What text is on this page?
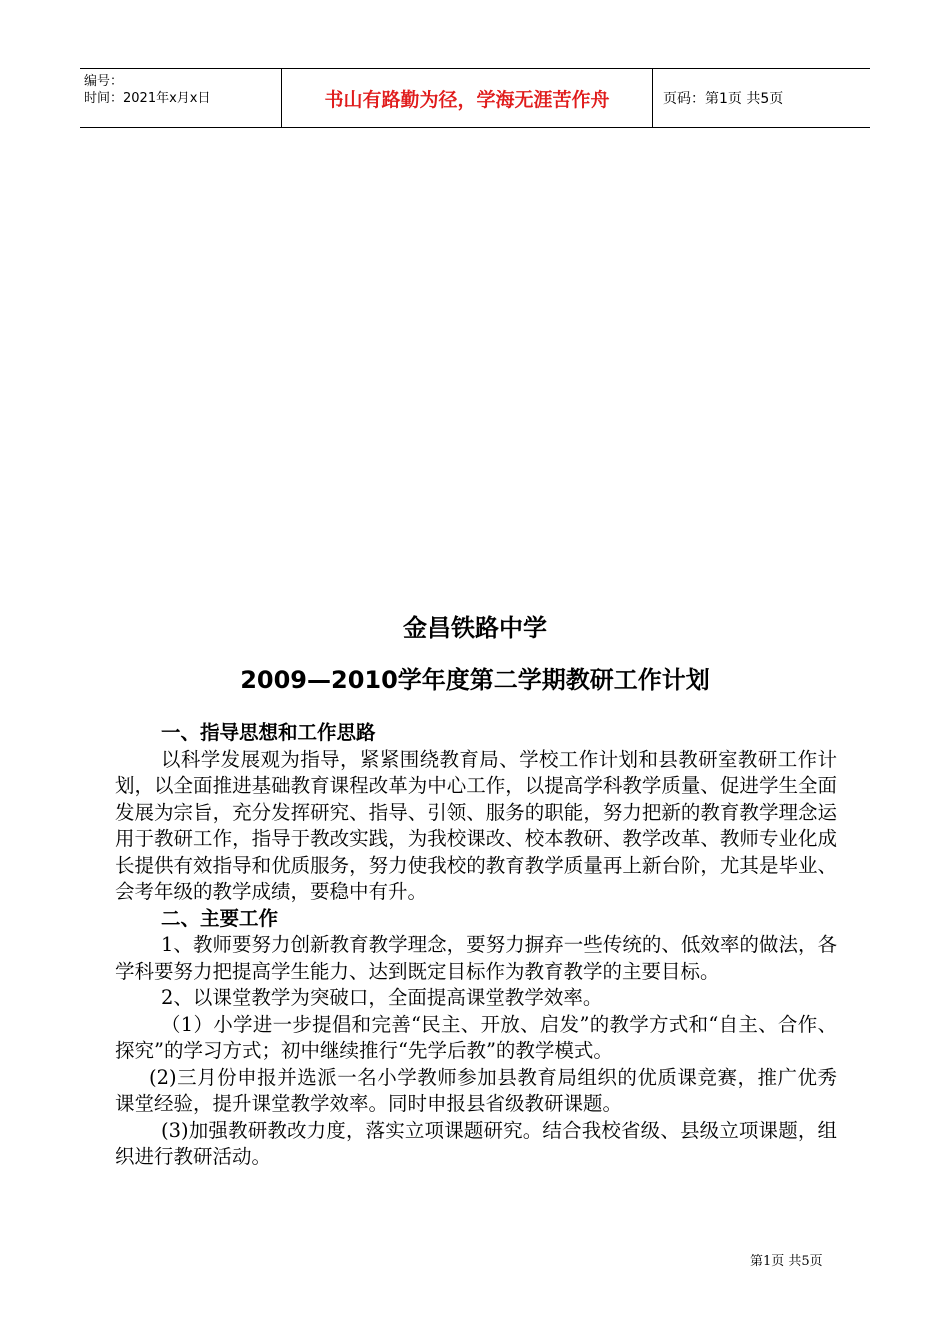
编号：
时间：2021年x月x日	书山有路勤为径，学海无涯苦作舟	页码：第1页 共5页
金昌铁路中学
2009—2010学年度第二学期教研工作计划

一、指导思想和工作思路

以科学发展观为指导，紧紧围绕教育局、学校工作计划和县教研室教研工作计划，以全面推进基础教育课程改革为中心工作，以提高学科教学质量、促进学生全面发展为宗旨，充分发挥研究、指导、引领、服务的职能，努力把新的教育教学理念运用于教研工作，指导于教改实践，为我校课改、校本教研、教学改革、教师专业化成长提供有效指导和优质服务，努力使我校的教育教学质量再上新台阶，尤其是毕业、会考年级的教学成绩，要稳中有升。

二、主要工作

1、教师要努力创新教育教学理念，要努力摒弃一些传统的、低效率的做法，各学科要努力把提高学生能力、达到既定目标作为教育教学的主要目标。

2、以课堂教学为突破口，全面提高课堂教学效率。

（1）小学进一步提倡和完善“民主、开放、启发”的教学方式和“自主、合作、探究”的学习方式；初中继续推行“先学后教”的教学模式。

(2)三月份申报并选派一名小学教师参加县教育局组织的优质课竞赛，推广优秀课堂经验，提升课堂教学效率。同时申报县省级教研课题。

(3)加强教研教改力度，落实立项课题研究。结合我校省级、县级立项课题，组织进行教研活动。

第1页 共5页
